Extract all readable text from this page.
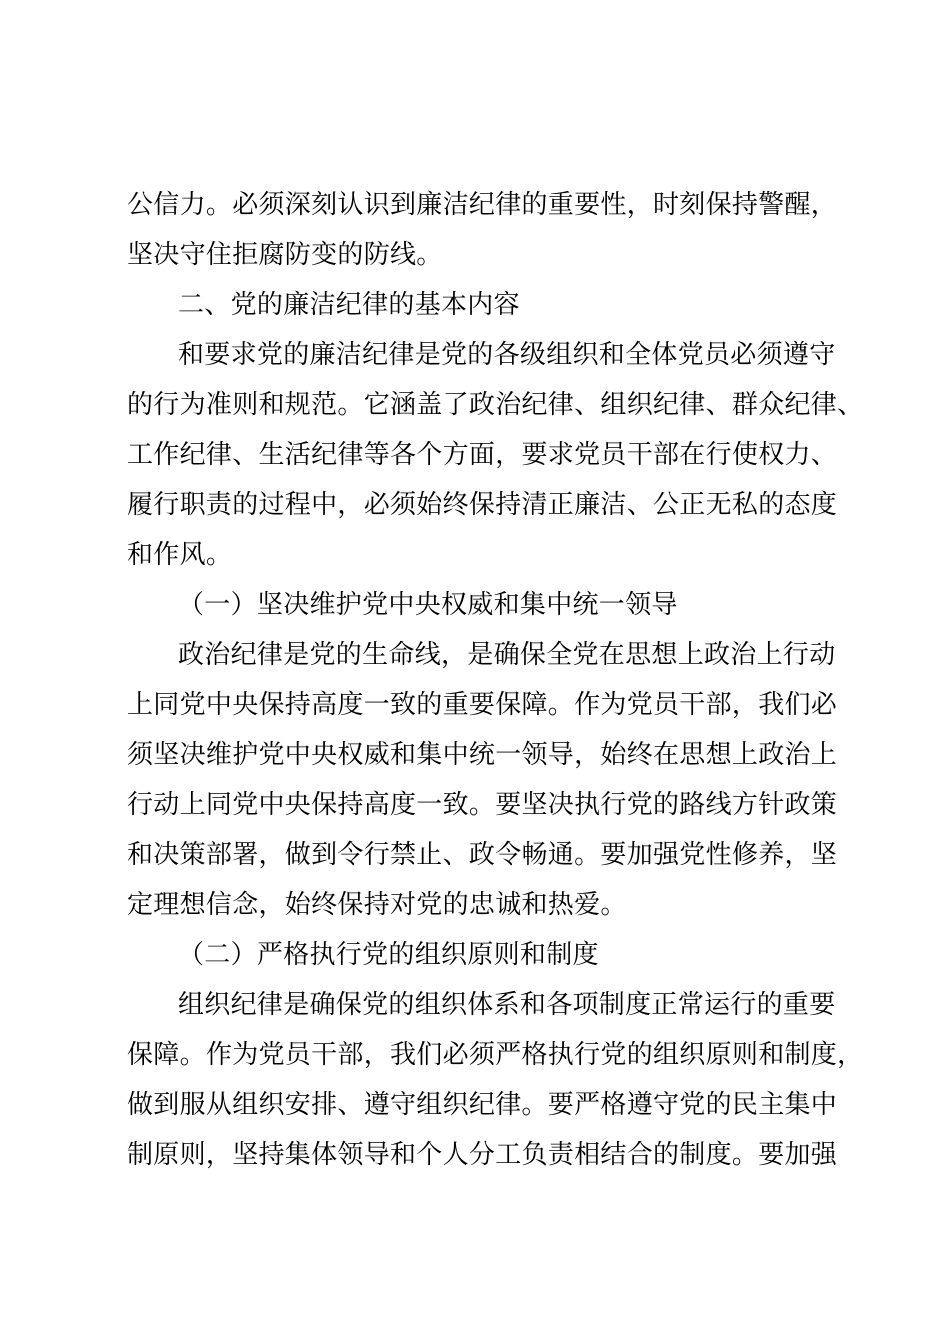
公信力。必须深刻认识到廉洁纪律的重要性，时刻保持警醒，
坚决守住拒腐防变的防线。
二、党的廉洁纪律的基本内容
和要求党的廉洁纪律是党的各级组织和全体党员必须遵守
的行为准则和规范。它涵盖了政治纪律、组织纪律、群众纪律、
工作纪律、生活纪律等各个方面，要求党员干部在行使权力、
履行职责的过程中，必须始终保持清正廉洁、公正无私的态度
和作风。
（一）坚决维护党中央权威和集中统一领导
政治纪律是党的生命线，是确保全党在思想上政治上行动
上同党中央保持高度一致的重要保障。作为党员干部，我们必
须坚决维护党中央权威和集中统一领导，始终在思想上政治上
行动上同党中央保持高度一致。要坚决执行党的路线方针政策
和决策部署，做到令行禁止、政令畅通。要加强党性修养，坚
定理想信念，始终保持对党的忠诚和热爱。
（二）严格执行党的组织原则和制度
组织纪律是确保党的组织体系和各项制度正常运行的重要
保障。作为党员干部，我们必须严格执行党的组织原则和制度，
做到服从组织安排、遵守组织纪律。要严格遵守党的民主集中
制原则，坚持集体领导和个人分工负责相结合的制度。要加强
